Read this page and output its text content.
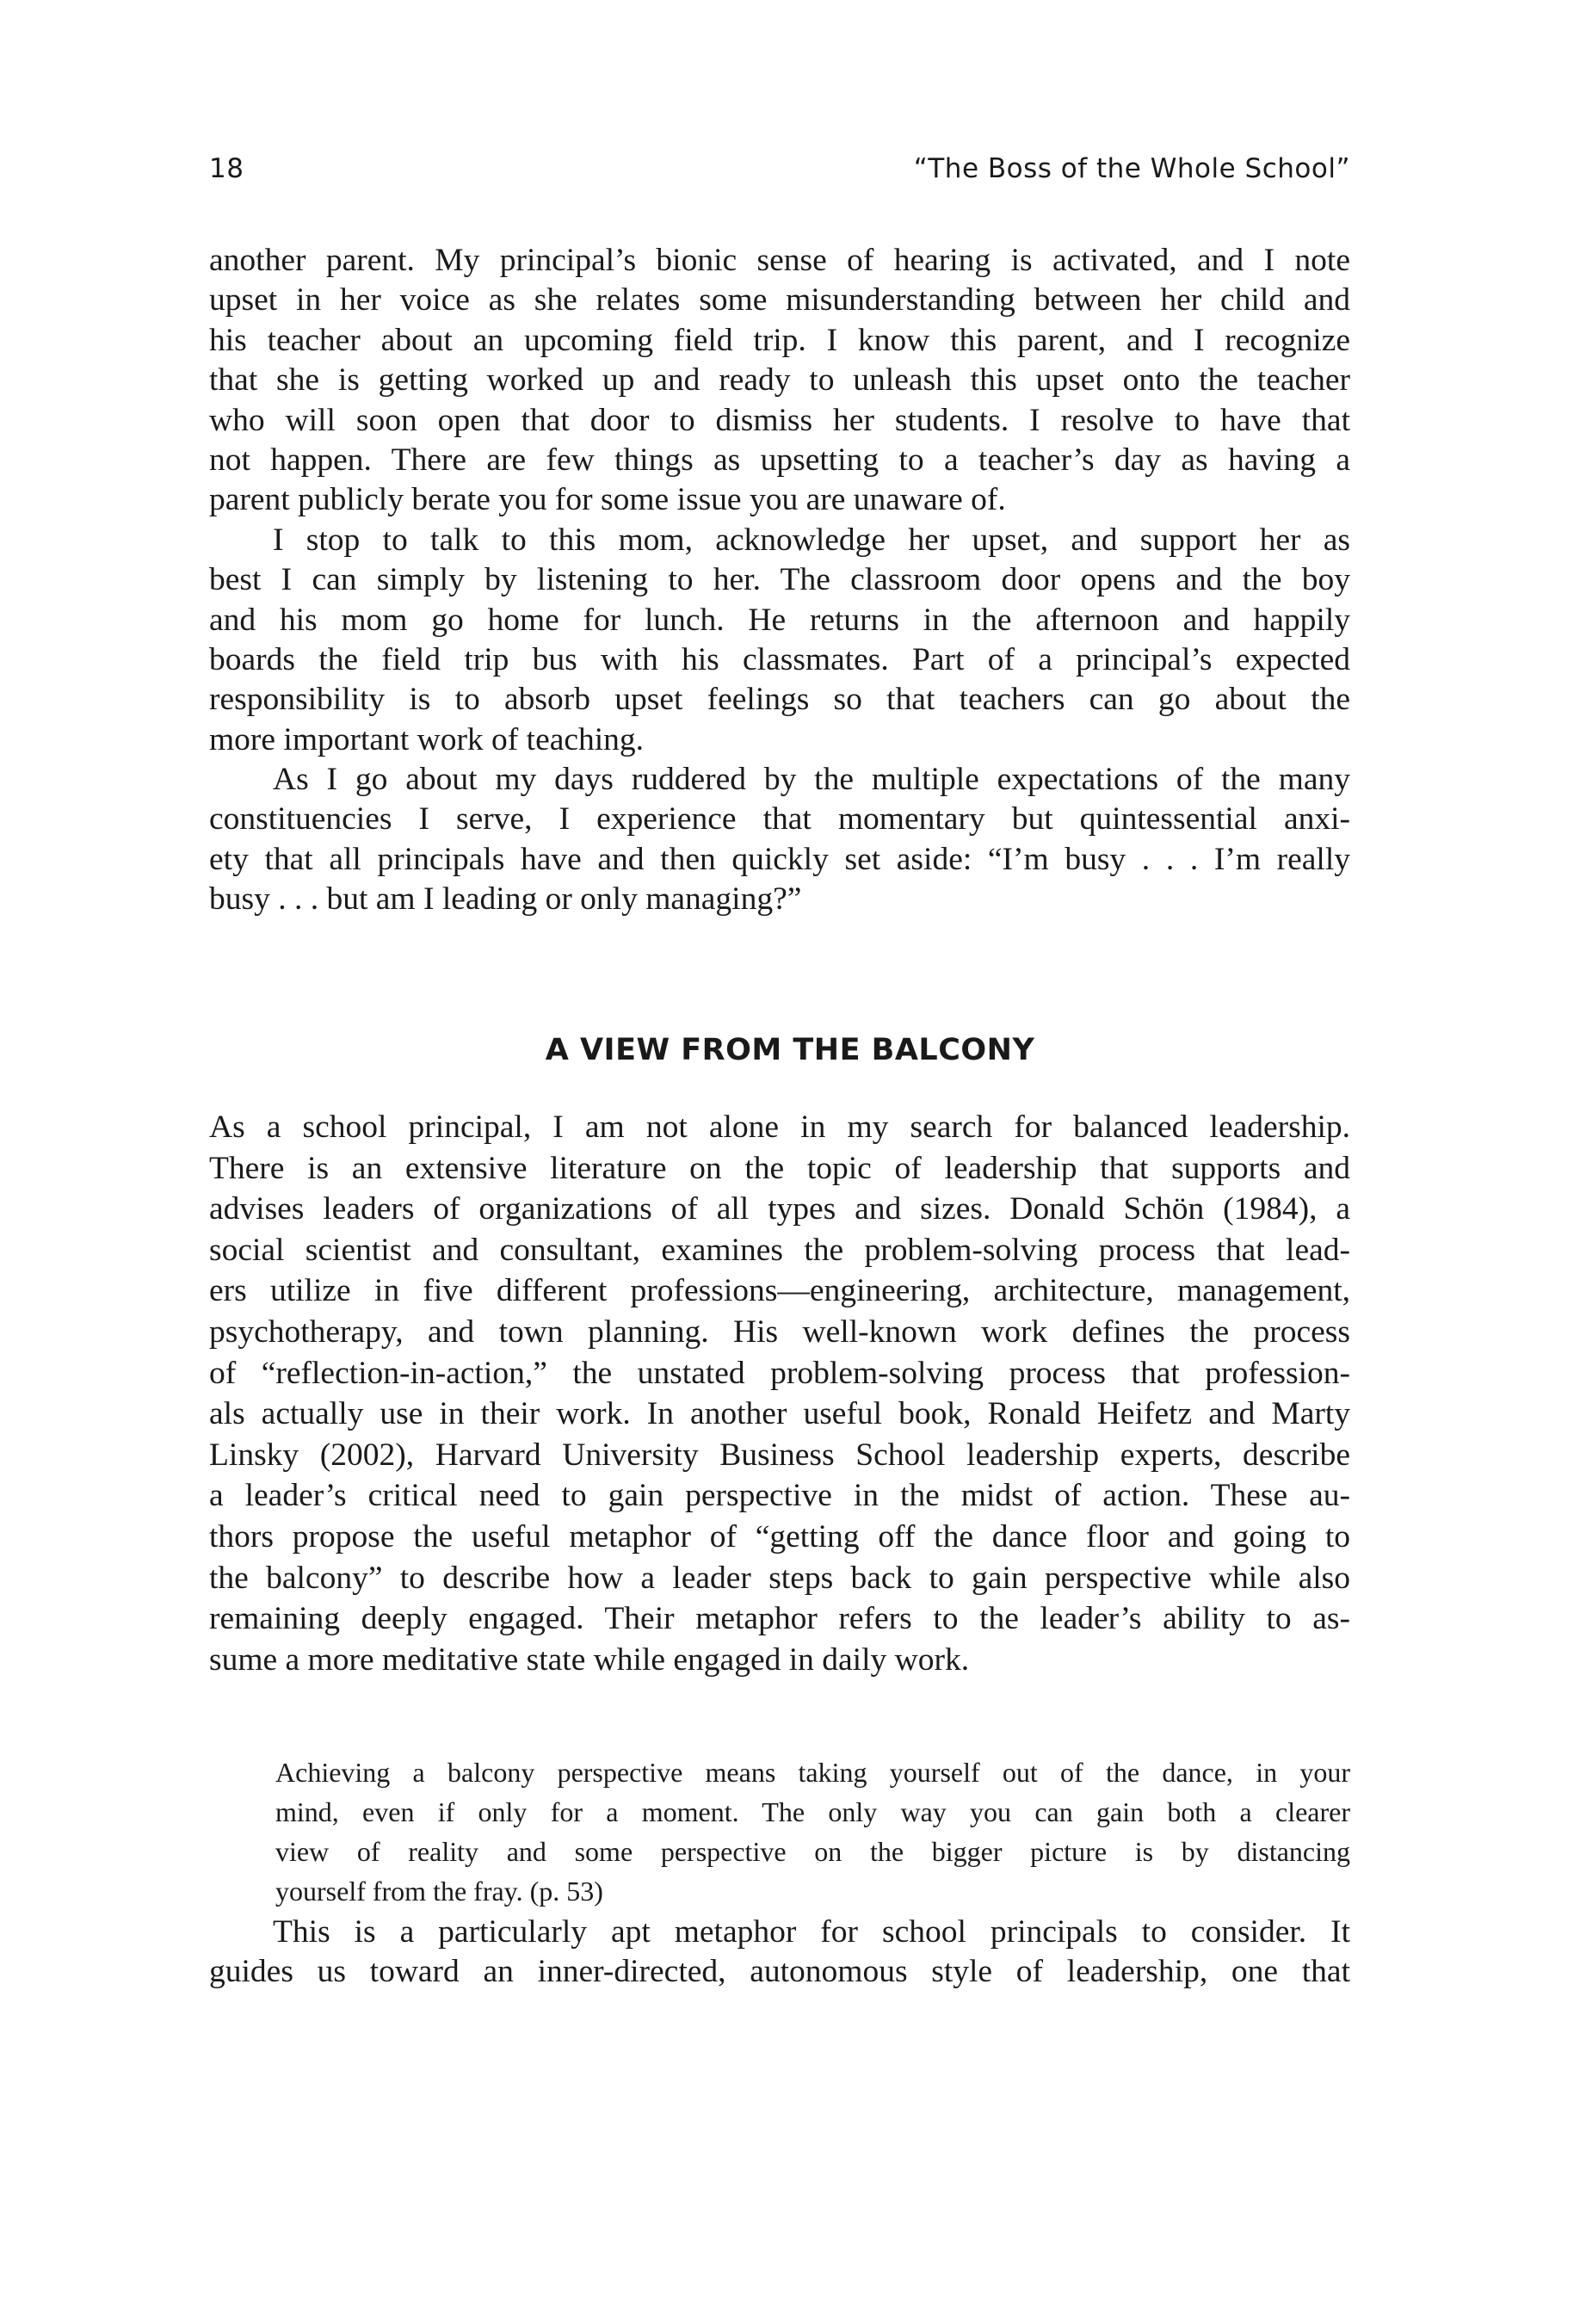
18	“The Boss of the Whole School”
another parent. My principal’s bionic sense of hearing is activated, and I note
upset in her voice as she relates some misunderstanding between her child and
his teacher about an upcoming field trip. I know this parent, and I recognize
that she is getting worked up and ready to unleash this upset onto the teacher
who will soon open that door to dismiss her students. I resolve to have that
not happen. There are few things as upsetting to a teacher’s day as having a
parent publicly berate you for some issue you are unaware of.
I stop to talk to this mom, acknowledge her upset, and support her as
best I can simply by listening to her. The classroom door opens and the boy
and his mom go home for lunch. He returns in the afternoon and happily
boards the field trip bus with his classmates. Part of a principal’s expected
responsibility is to absorb upset feelings so that teachers can go about the
more important work of teaching.
As I go about my days ruddered by the multiple expectations of the many
constituencies I serve, I experience that momentary but quintessential anxi-
ety that all principals have and then quickly set aside: “I’m busy . . . I’m really
busy . . . but am I leading or only managing?”
A VIEW FROM THE BALCONY
As a school principal, I am not alone in my search for balanced leadership.
There is an extensive literature on the topic of leadership that supports and
advises leaders of organizations of all types and sizes. Donald Schön (1984), a
social scientist and consultant, examines the problem-solving process that lead-
ers utilize in five different professions—engineering, architecture, management,
psychotherapy, and town planning. His well-known work defines the process
of “reflection-in-action,” the unstated problem-solving process that profession-
als actually use in their work. In another useful book, Ronald Heifetz and Marty
Linsky (2002), Harvard University Business School leadership experts, describe
a leader’s critical need to gain perspective in the midst of action. These au-
thors propose the useful metaphor of “getting off the dance floor and going to
the balcony” to describe how a leader steps back to gain perspective while also
remaining deeply engaged. Their metaphor refers to the leader’s ability to as-
sume a more meditative state while engaged in daily work.
Achieving a balcony perspective means taking yourself out of the dance, in your
mind, even if only for a moment. The only way you can gain both a clearer
view of reality and some perspective on the bigger picture is by distancing
yourself from the fray. (p. 53)
This is a particularly apt metaphor for school principals to consider. It
guides us toward an inner-directed, autonomous style of leadership, one that
